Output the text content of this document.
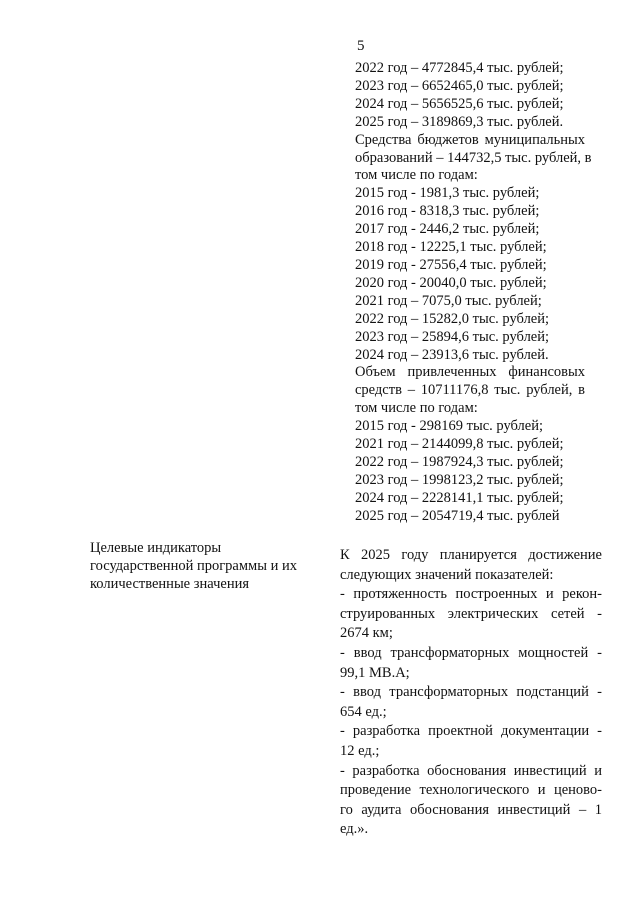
5
2022 год – 4772845,4 тыс. рублей;
2023 год – 6652465,0 тыс. рублей;
2024 год – 5656525,6 тыс. рублей;
2025 год – 3189869,3 тыс. рублей.
Средства бюджетов муниципальных
образований – 144732,5 тыс. рублей, в
том числе по годам:
2015 год - 1981,3 тыс. рублей;
2016 год - 8318,3 тыс. рублей;
2017 год - 2446,2 тыс. рублей;
2018 год - 12225,1 тыс. рублей;
2019 год - 27556,4 тыс. рублей;
2020 год - 20040,0 тыс. рублей;
2021 год – 7075,0 тыс. рублей;
2022 год – 15282,0 тыс. рублей;
2023 год – 25894,6 тыс. рублей;
2024 год – 23913,6 тыс. рублей.
Объем привлеченных финансовых
средств – 10711176,8 тыс. рублей, в
том числе по годам:
2015 год - 298169 тыс. рублей;
2021 год – 2144099,8 тыс. рублей;
2022 год – 1987924,3 тыс. рублей;
2023 год – 1998123,2 тыс. рублей;
2024 год – 2228141,1 тыс. рублей;
2025 год – 2054719,4 тыс. рублей
Целевые индикаторы
государственной программы и их
количественные значения
К 2025 году планируется достижение
следующих значений показателей:
- протяженность построенных и рекон-
струированных электрических сетей -
2674 км;
- ввод трансформаторных мощностей -
99,1 МВ.А;
- ввод трансформаторных подстанций -
654 ед.;
- разработка проектной документации -
12 ед.;
- разработка обоснования инвестиций и
проведение технологического и ценово-
го аудита обоснования инвестиций – 1
ед.».
